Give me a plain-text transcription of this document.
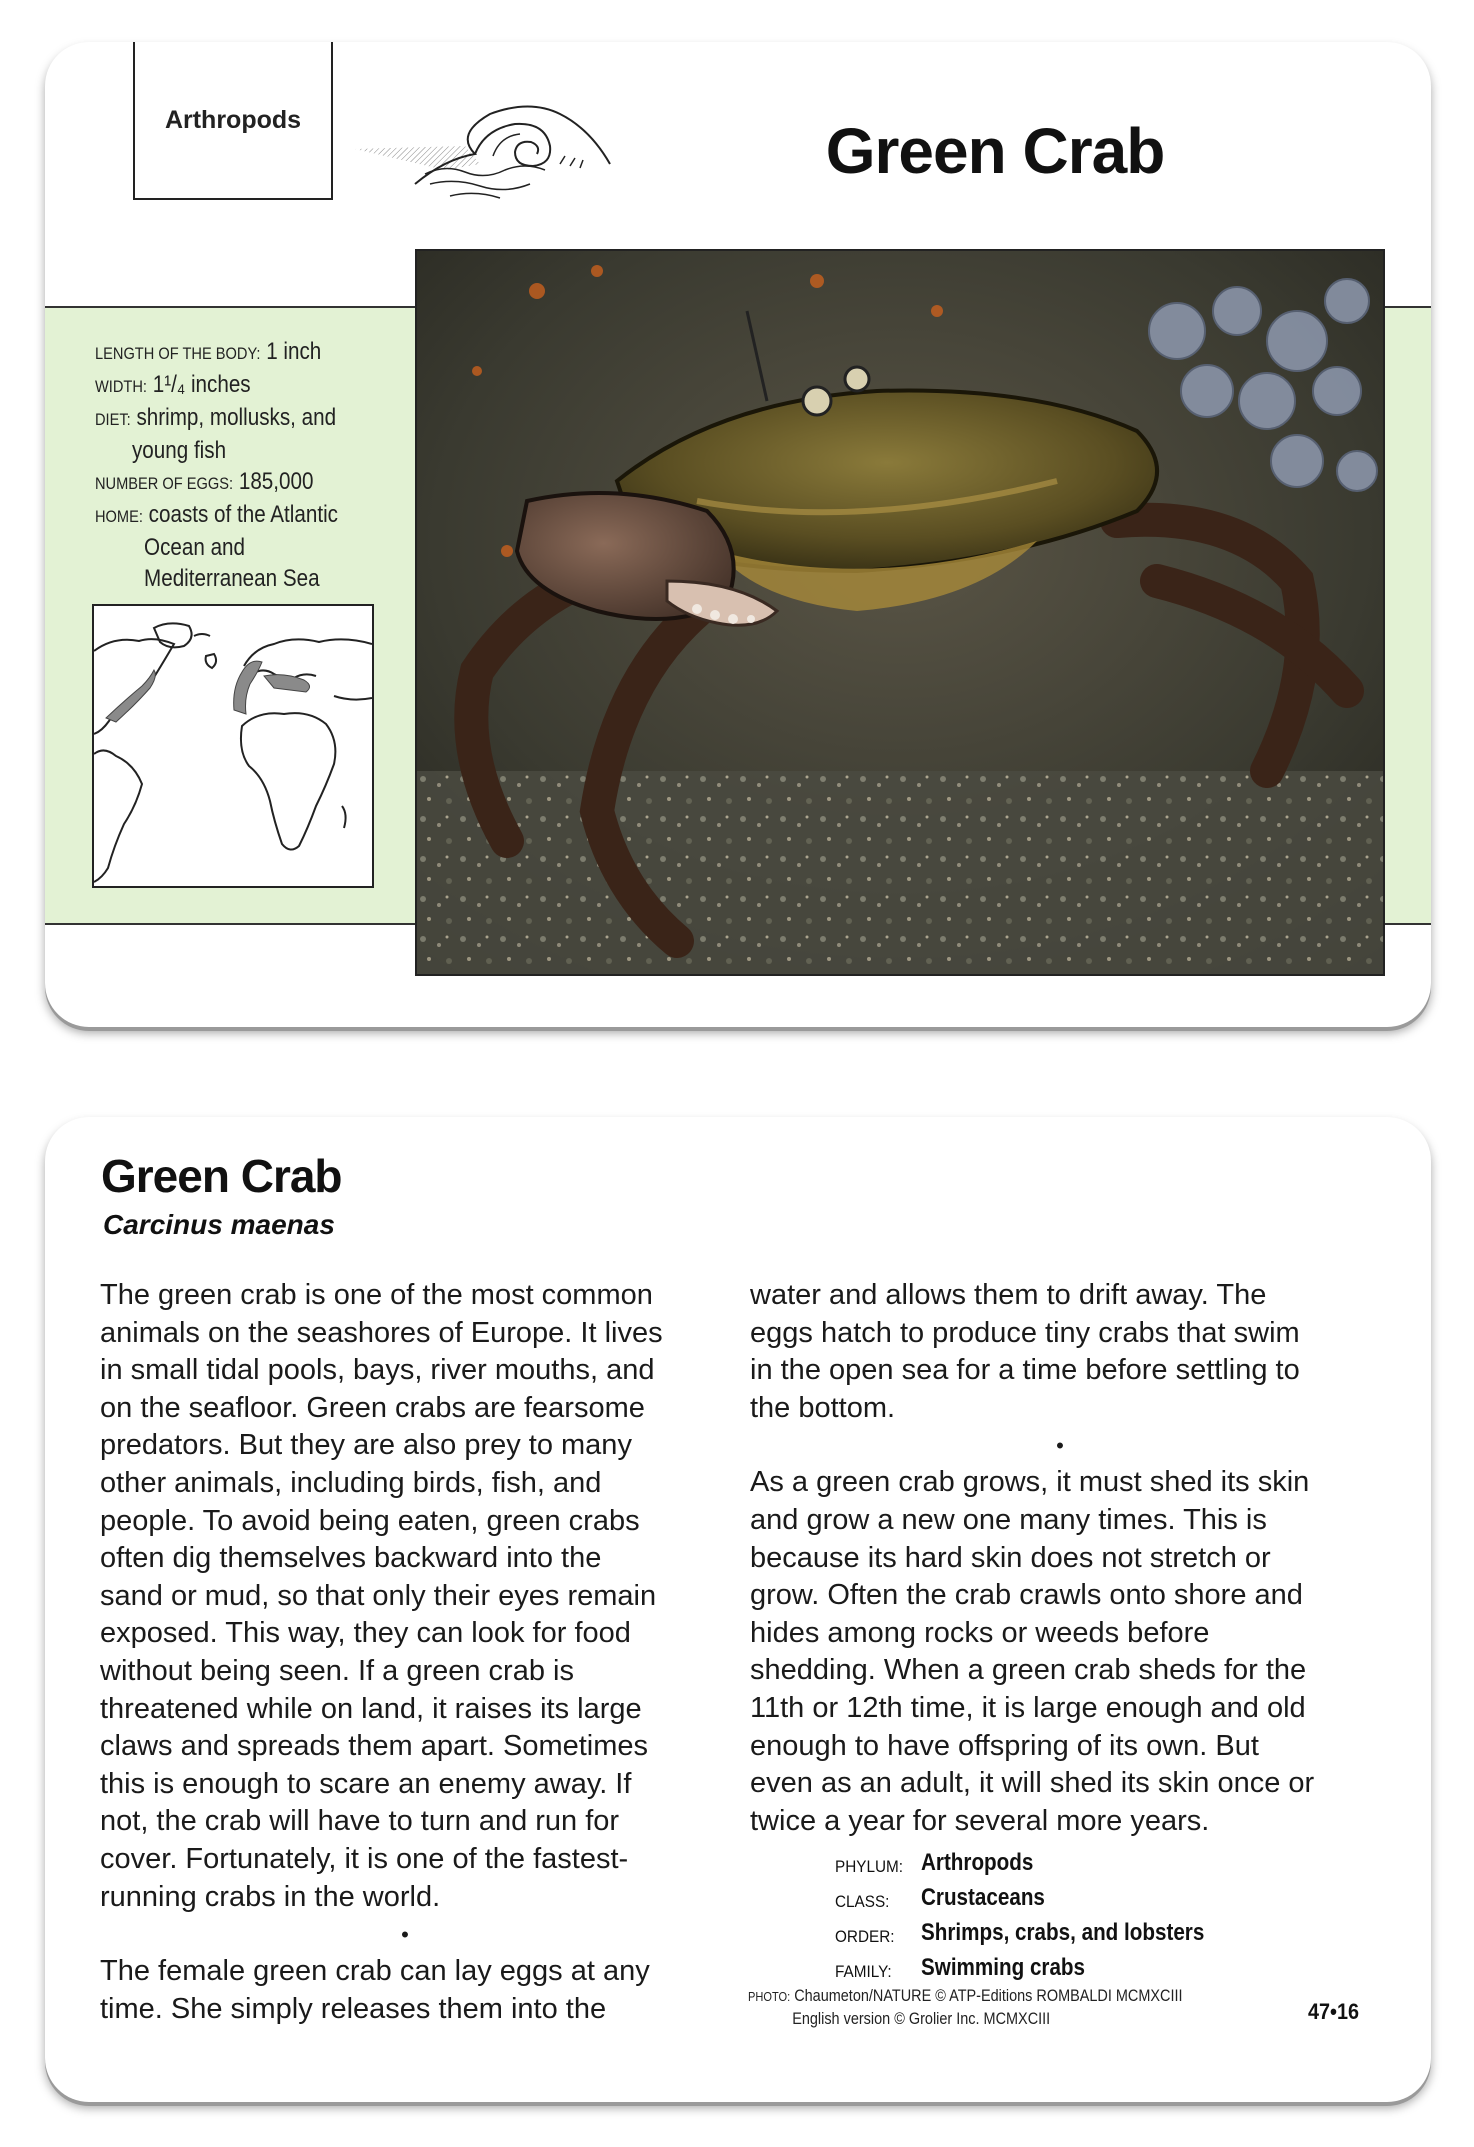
Arthropods	Green Crab
LENGTH OF THE BODY: 1 inch
WIDTH: 1¹/₄ inches
DIET: shrimp, mollusks, and
young fish
NUMBER OF EGGS: 185,000
HOME: coasts of the Atlantic
Ocean and
Mediterranean Sea
Green Crab
Carcinus maenas
The green crab is one of the most common
animals on the seashores of Europe. It lives
in small tidal pools, bays, river mouths, and
on the seafloor. Green crabs are fearsome
predators. But they are also prey to many
other animals, including birds, fish, and
people. To avoid being eaten, green crabs
often dig themselves backward into the
sand or mud, so that only their eyes remain
exposed. This way, they can look for food
without being seen. If a green crab is
threatened while on land, it raises its large
claws and spreads them apart. Sometimes
this is enough to scare an enemy away. If
not, the crab will have to turn and run for
cover. Fortunately, it is one of the fastest-
running crabs in the world.
•
The female green crab can lay eggs at any
time. She simply releases them into the
water and allows them to drift away. The
eggs hatch to produce tiny crabs that swim
in the open sea for a time before settling to
the bottom.
•
As a green crab grows, it must shed its skin
and grow a new one many times. This is
because its hard skin does not stretch or
grow. Often the crab crawls onto shore and
hides among rocks or weeds before
shedding. When a green crab sheds for the
11th or 12th time, it is large enough and old
enough to have offspring of its own. But
even as an adult, it will shed its skin once or
twice a year for several more years.
PHYLUM: Arthropods
CLASS:	Crustaceans
ORDER:	Shrimps, crabs, and lobsters
FAMILY:	Swimming crabs
PHOTO: Chaumeton/NATURE © ATP-Editions ROMBALDI MCMXCIII
English version © Grolier Inc. MCMXCIII	47•16
